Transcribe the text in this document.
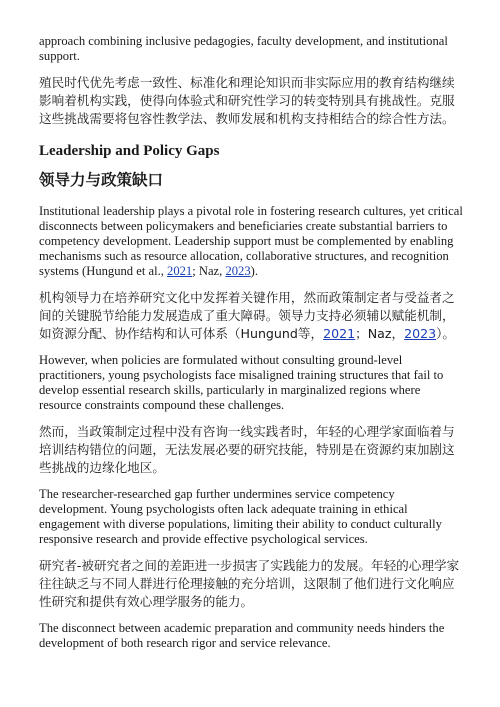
approach combining inclusive pedagogies, faculty development, and institutional support.

殖民时代优先考虑一致性、标准化和理论知识而非实际应用的教育结构继续影响着机构实践，使得向体验式和研究性学习的转变特别具有挑战性。克服这些挑战需要将包容性教学法、教师发展和机构支持相结合的综合性方法。

Leadership and Policy Gaps
领导力与政策缺口

Institutional leadership plays a pivotal role in fostering research cultures, yet critical disconnects between policymakers and beneficiaries create substantial barriers to competency development. Leadership support must be complemented by enabling mechanisms such as resource allocation, collaborative structures, and recognition systems (Hungund et al., 2021; Naz, 2023).

机构领导力在培养研究文化中发挥着关键作用，然而政策制定者与受益者之间的关键脱节给能力发展造成了重大障碍。领导力支持必须辅以赋能机制，如资源分配、协作结构和认可体系（Hungund等，2021；Naz，2023）。

However, when policies are formulated without consulting ground-level practitioners, young psychologists face misaligned training structures that fail to develop essential research skills, particularly in marginalized regions where resource constraints compound these challenges.

然而，当政策制定过程中没有咨询一线实践者时，年轻的心理学家面临着与培训结构错位的问题，无法发展必要的研究技能，特别是在资源约束加剧这些挑战的边缘化地区。

The researcher-researched gap further undermines service competency development. Young psychologists often lack adequate training in ethical engagement with diverse populations, limiting their ability to conduct culturally responsive research and provide effective psychological services.

研究者-被研究者之间的差距进一步损害了实践能力的发展。年轻的心理学家往往缺乏与不同人群进行伦理接触的充分培训，这限制了他们进行文化响应性研究和提供有效心理学服务的能力。

The disconnect between academic preparation and community needs hinders the development of both research rigor and service relevance.
